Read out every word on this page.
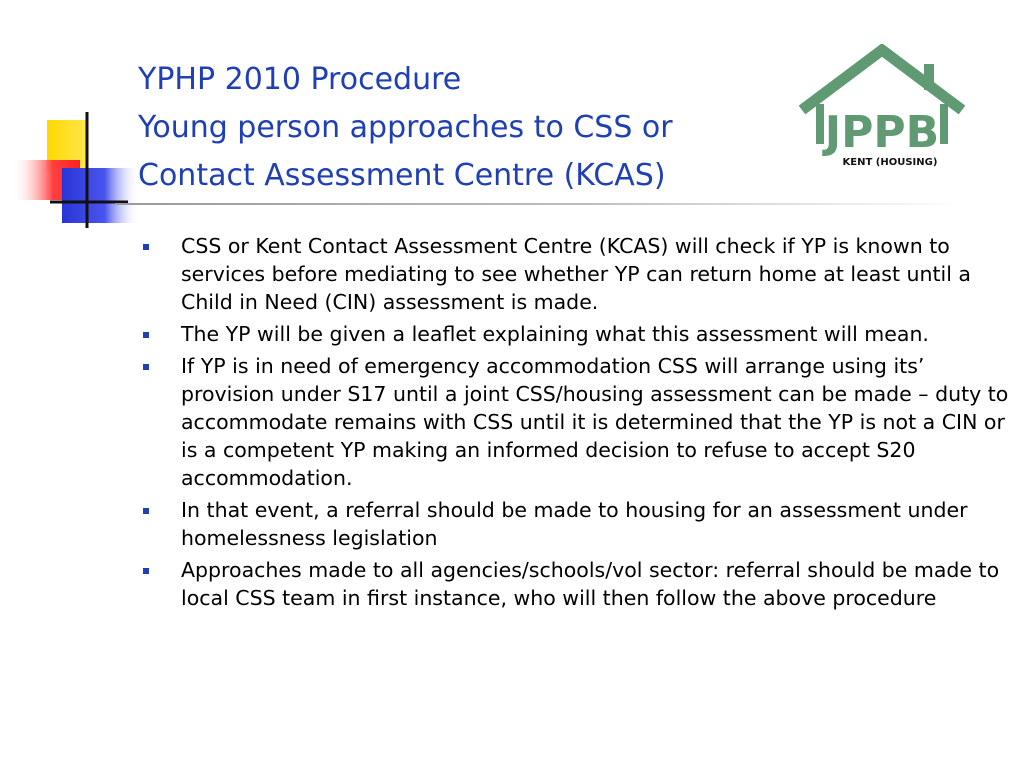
YPHP 2010 Procedure
Young person approaches to CSS or
Contact Assessment Centre (KCAS)
JPPB
KENT (HOUSING)
CSS or Kent Contact Assessment Centre (KCAS) will check if YP is known to services before mediating to see whether YP can return home at least until a Child in Need (CIN) assessment is made.
The YP will be given a leaflet explaining what this assessment will mean.
If YP is in need of emergency accommodation CSS will arrange using its’ provision under S17 until a joint CSS/housing assessment can be made – duty to accommodate remains with CSS until it is determined that the YP is not a CIN or is a competent YP making an informed decision to refuse to accept S20 accommodation.
In that event, a referral should be made to housing for an assessment under homelessness legislation
Approaches made to all agencies/schools/vol sector: referral should be made to local CSS team in first instance, who will then follow the above procedure
